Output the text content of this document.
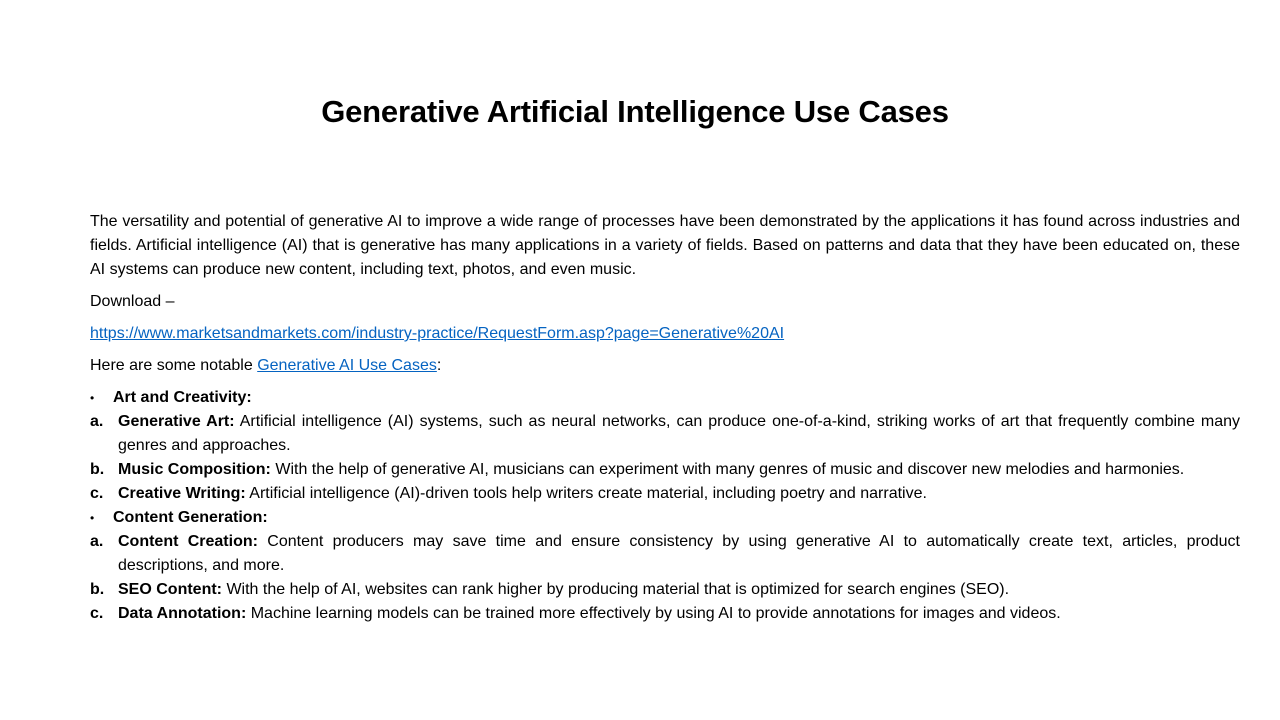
Generative Artificial Intelligence Use Cases

The versatility and potential of generative AI to improve a wide range of processes have been demonstrated by the applications it has found across industries and fields. Artificial intelligence (AI) that is generative has many applications in a variety of fields. Based on patterns and data that they have been educated on, these AI systems can produce new content, including text, photos, and even music.

Download –

https://www.marketsandmarkets.com/industry-practice/RequestForm.asp?page=Generative%20AI

Here are some notable Generative AI Use Cases:

•	Art and Creativity:
a. Generative Art: Artificial intelligence (AI) systems, such as neural networks, can produce one-of-a-kind, striking works of art that frequently combine many genres and approaches.
b. Music Composition: With the help of generative AI, musicians can experiment with many genres of music and discover new melodies and harmonies.
c. Creative Writing: Artificial intelligence (AI)-driven tools help writers create material, including poetry and narrative.
•	Content Generation:
a. Content Creation: Content producers may save time and ensure consistency by using generative AI to automatically create text, articles, product descriptions, and more.
b. SEO Content: With the help of AI, websites can rank higher by producing material that is optimized for search engines (SEO).
c. Data Annotation: Machine learning models can be trained more effectively by using AI to provide annotations for images and videos.
